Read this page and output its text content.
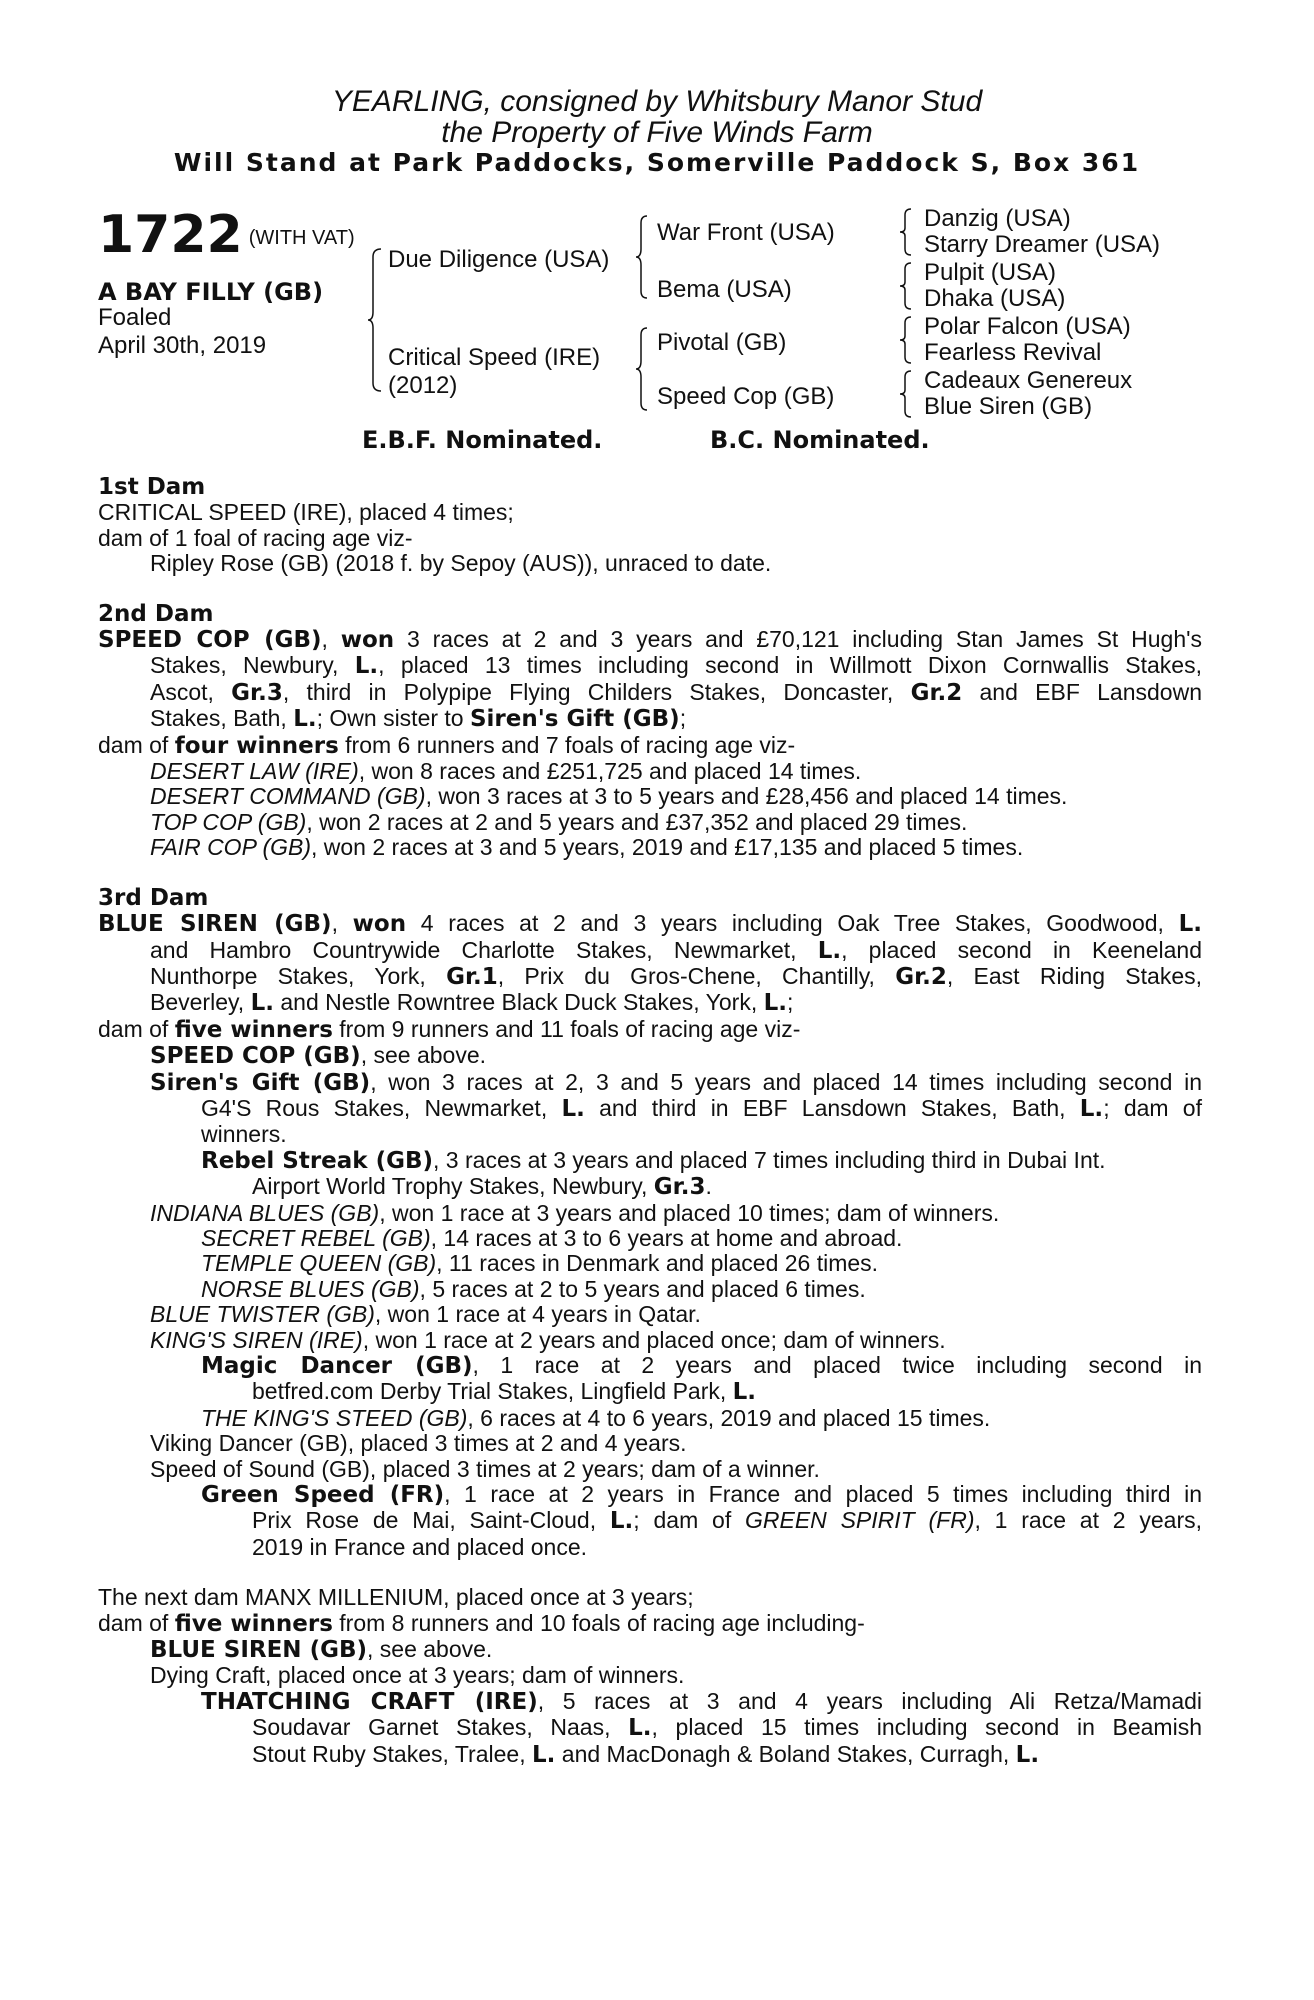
YEARLING, consigned by Whitsbury Manor Stud
the Property of Five Winds Farm
Will Stand at Park Paddocks, Somerville Paddock S, Box 361
1722 (WITH VAT)
A BAY FILLY (GB)
Foaled
April 30th, 2019
Due Diligence (USA)
Critical Speed (IRE)
(2012)
War Front (USA)
Bema (USA)
Pivotal (GB)
Speed Cop (GB)
Danzig (USA)
Starry Dreamer (USA)
Pulpit (USA)
Dhaka (USA)
Polar Falcon (USA)
Fearless Revival
Cadeaux Genereux
Blue Siren (GB)
E.B.F. Nominated.	B.C. Nominated.
1st Dam
CRITICAL SPEED (IRE), placed 4 times;
dam of 1 foal of racing age viz-
Ripley Rose (GB) (2018 f. by Sepoy (AUS)), unraced to date.
2nd Dam
SPEED COP (GB), won 3 races at 2 and 3 years and £70,121 including Stan James St Hugh's
Stakes, Newbury, L., placed 13 times including second in Willmott Dixon Cornwallis Stakes,
Ascot, Gr.3, third in Polypipe Flying Childers Stakes, Doncaster, Gr.2 and EBF Lansdown
Stakes, Bath, L.; Own sister to Siren's Gift (GB);
dam of four winners from 6 runners and 7 foals of racing age viz-
DESERT LAW (IRE), won 8 races and £251,725 and placed 14 times.
DESERT COMMAND (GB), won 3 races at 3 to 5 years and £28,456 and placed 14 times.
TOP COP (GB), won 2 races at 2 and 5 years and £37,352 and placed 29 times.
FAIR COP (GB), won 2 races at 3 and 5 years, 2019 and £17,135 and placed 5 times.
3rd Dam
BLUE SIREN (GB), won 4 races at 2 and 3 years including Oak Tree Stakes, Goodwood, L.
and Hambro Countrywide Charlotte Stakes, Newmarket, L., placed second in Keeneland
Nunthorpe Stakes, York, Gr.1, Prix du Gros-Chene, Chantilly, Gr.2, East Riding Stakes,
Beverley, L. and Nestle Rowntree Black Duck Stakes, York, L.;
dam of five winners from 9 runners and 11 foals of racing age viz-
SPEED COP (GB), see above.
Siren's Gift (GB), won 3 races at 2, 3 and 5 years and placed 14 times including second in
G4'S Rous Stakes, Newmarket, L. and third in EBF Lansdown Stakes, Bath, L.; dam of
winners.
Rebel Streak (GB), 3 races at 3 years and placed 7 times including third in Dubai Int.
Airport World Trophy Stakes, Newbury, Gr.3.
INDIANA BLUES (GB), won 1 race at 3 years and placed 10 times; dam of winners.
SECRET REBEL (GB), 14 races at 3 to 6 years at home and abroad.
TEMPLE QUEEN (GB), 11 races in Denmark and placed 26 times.
NORSE BLUES (GB), 5 races at 2 to 5 years and placed 6 times.
BLUE TWISTER (GB), won 1 race at 4 years in Qatar.
KING'S SIREN (IRE), won 1 race at 2 years and placed once; dam of winners.
Magic Dancer (GB), 1 race at 2 years and placed twice including second in
betfred.com Derby Trial Stakes, Lingfield Park, L.
THE KING'S STEED (GB), 6 races at 4 to 6 years, 2019 and placed 15 times.
Viking Dancer (GB), placed 3 times at 2 and 4 years.
Speed of Sound (GB), placed 3 times at 2 years; dam of a winner.
Green Speed (FR), 1 race at 2 years in France and placed 5 times including third in
Prix Rose de Mai, Saint-Cloud, L.; dam of GREEN SPIRIT (FR), 1 race at 2 years,
2019 in France and placed once.
The next dam MANX MILLENIUM, placed once at 3 years;
dam of five winners from 8 runners and 10 foals of racing age including-
BLUE SIREN (GB), see above.
Dying Craft, placed once at 3 years; dam of winners.
THATCHING CRAFT (IRE), 5 races at 3 and 4 years including Ali Retza/Mamadi
Soudavar Garnet Stakes, Naas, L., placed 15 times including second in Beamish
Stout Ruby Stakes, Tralee, L. and MacDonagh & Boland Stakes, Curragh, L.
